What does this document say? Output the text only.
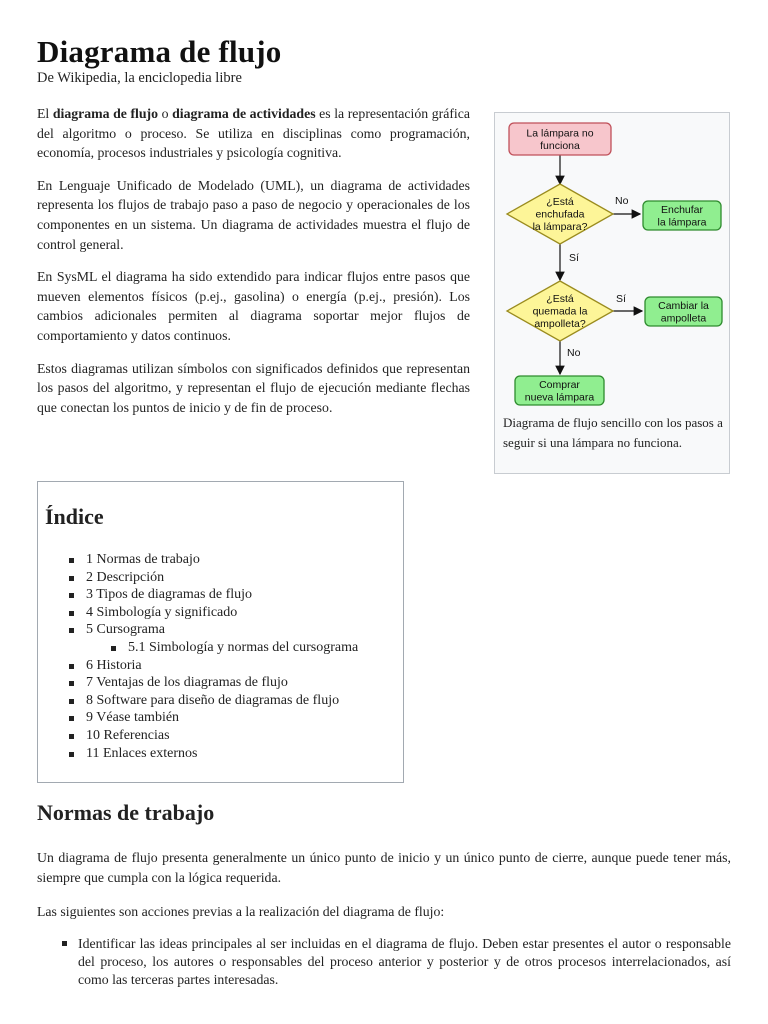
Diagrama de flujo
De Wikipedia, la enciclopedia libre

El diagrama de flujo o diagrama de actividades es la representación gráfica del algoritmo o proceso. Se utiliza en disciplinas como programación, economía, procesos industriales y psicología cognitiva.

En Lenguaje Unificado de Modelado (UML), un diagrama de actividades representa los flujos de trabajo paso a paso de negocio y operacionales de los componentes en un sistema. Un diagrama de actividades muestra el flujo de control general.

En SysML el diagrama ha sido extendido para indicar flujos entre pasos que mueven elementos físicos (p.ej., gasolina) o energía (p.ej., presión). Los cambios adicionales permiten al diagrama soportar mejor flujos de comportamiento y datos continuos.

Estos diagramas utilizan símbolos con significados definidos que representan los pasos del algoritmo, y representan el flujo de ejecución mediante flechas que conectan los puntos de inicio y de fin de proceso.

La lámpara no
funciona
¿Está
enchufada
la lámpara?
Enchufar
la lámpara
¿Está
quemada la
ampolleta?
Cambiar la
ampolleta
Comprar
nueva lámpara
No
Sí
Sí
No
Diagrama de flujo sencillo con los pasos a seguir si una lámpara no funciona.
Índice
1 Normas de trabajo
2 Descripción
3 Tipos de diagramas de flujo
4 Simbología y significado
5 Cursograma
5.1 Simbología y normas del cursograma
6 Historia
7 Ventajas de los diagramas de flujo
8 Software para diseño de diagramas de flujo
9 Véase también
10 Referencias
11 Enlaces externos
Normas de trabajo

Un diagrama de flujo presenta generalmente un único punto de inicio y un único punto de cierre, aunque puede tener más, siempre que cumpla con la lógica requerida.

Las siguientes son acciones previas a la realización del diagrama de flujo:

Identificar las ideas principales al ser incluidas en el diagrama de flujo. Deben estar presentes el autor o responsable del proceso, los autores o responsables del proceso anterior y posterior y de otros procesos interrelacionados, así como las terceras partes interesadas.
